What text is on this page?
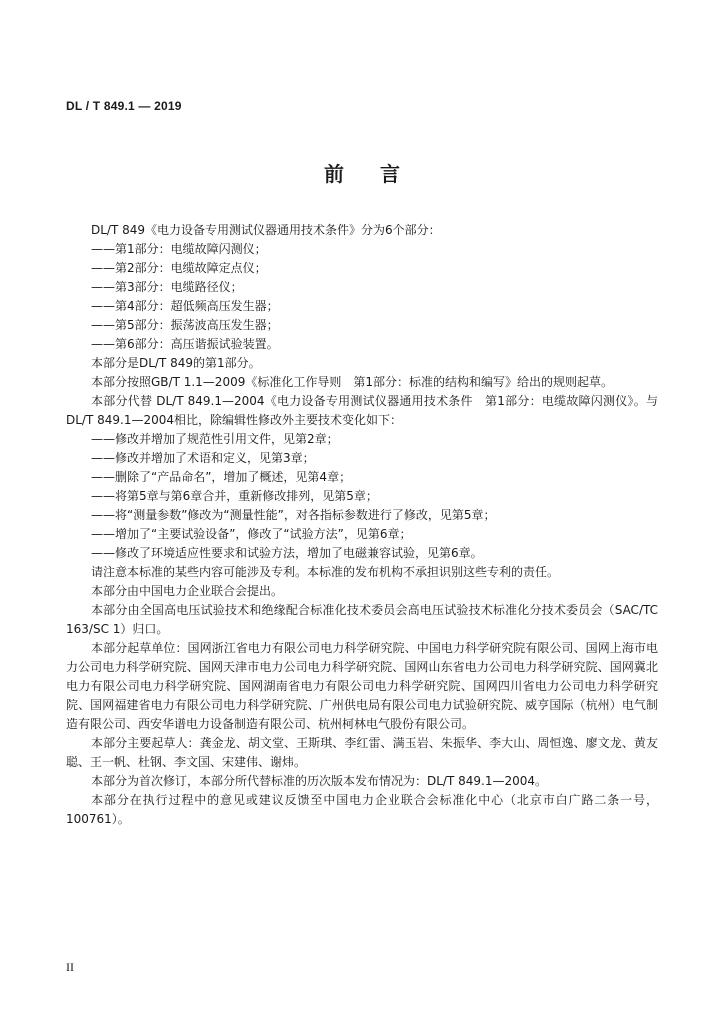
DL / T 849.1 — 2019
前 言

DL/T 849《电力设备专用测试仪器通用技术条件》分为6个部分：

——第1部分：电缆故障闪测仪；

——第2部分：电缆故障定点仪；

——第3部分：电缆路径仪；

——第4部分：超低频高压发生器；

——第5部分：振荡波高压发生器；

——第6部分：高压谐振试验装置。

本部分是DL/T 849的第1部分。

本部分按照GB/T 1.1—2009《标准化工作导则　第1部分：标准的结构和编写》给出的规则起草。

本部分代替 DL/T 849.1—2004《电力设备专用测试仪器通用技术条件　第1部分：电缆故障闪测仪》。与DL/T 849.1—2004相比，除编辑性修改外主要技术变化如下：

——修改并增加了规范性引用文件，见第2章；

——修改并增加了术语和定义，见第3章；

——删除了“产品命名”，增加了概述，见第4章；

——将第5章与第6章合并，重新修改排列，见第5章；

——将“测量参数”修改为“测量性能”，对各指标参数进行了修改，见第5章；

——增加了“主要试验设备”，修改了“试验方法”，见第6章；

——修改了环境适应性要求和试验方法，增加了电磁兼容试验，见第6章。

请注意本标准的某些内容可能涉及专利。本标准的发布机构不承担识别这些专利的责任。

本部分由中国电力企业联合会提出。

本部分由全国高电压试验技术和绝缘配合标准化技术委员会高电压试验技术标准化分技术委员会（SAC/TC 163/SC 1）归口。

本部分起草单位：国网浙江省电力有限公司电力科学研究院、中国电力科学研究院有限公司、国网上海市电力公司电力科学研究院、国网天津市电力公司电力科学研究院、国网山东省电力公司电力科学研究院、国网冀北电力有限公司电力科学研究院、国网湖南省电力有限公司电力科学研究院、国网四川省电力公司电力科学研究院、国网福建省电力有限公司电力科学研究院、广州供电局有限公司电力试验研究院、威亨国际（杭州）电气制造有限公司、西安华谱电力设备制造有限公司、杭州柯林电气股份有限公司。

本部分主要起草人：龚金龙、胡文堂、王斯琪、李红雷、满玉岩、朱振华、李大山、周恒逸、廖文龙、黄友聪、王一帆、杜钢、李文国、宋建伟、谢炜。

本部分为首次修订，本部分所代替标准的历次版本发布情况为：DL/T 849.1—2004。

本部分在执行过程中的意见或建议反馈至中国电力企业联合会标准化中心（北京市白广路二条一号，100761）。

II
